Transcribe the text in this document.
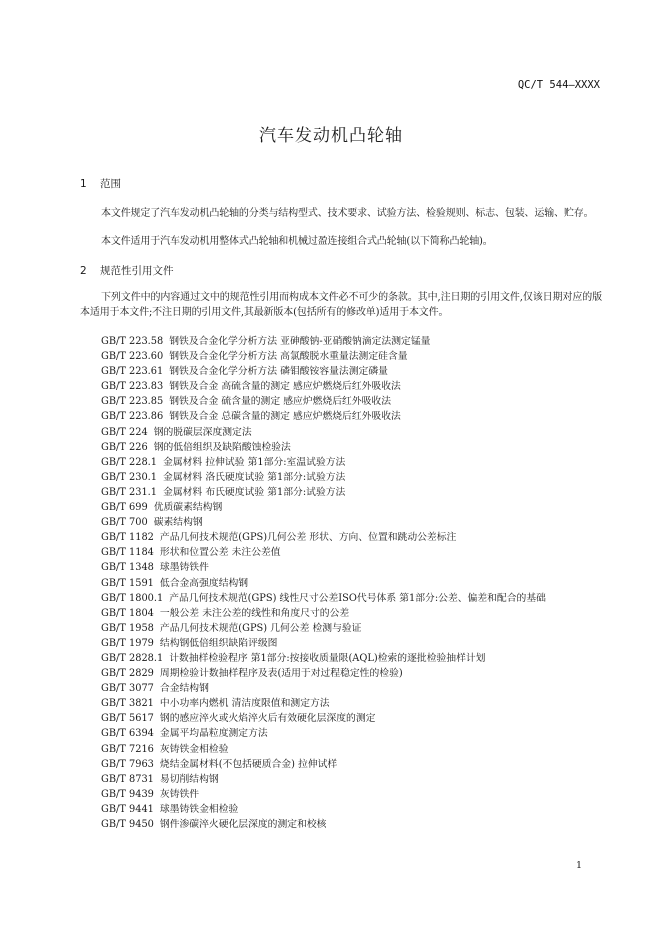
QC/T 544—XXXX
汽车发动机凸轮轴
1 范围
本文件规定了汽车发动机凸轮轴的分类与结构型式、技术要求、试验方法、检验规则、标志、包装、运输、贮存。
本文件适用于汽车发动机用整体式凸轮轴和机械过盈连接组合式凸轮轴(以下简称凸轮轴)。
2 规范性引用文件
下列文件中的内容通过文中的规范性引用而构成本文件必不可少的条款。其中,注日期的引用文件,仅该日期对应的版本适用于本文件;不注日期的引用文件,其最新版本(包括所有的修改单)适用于本文件。
GB/T 223.58 钢铁及合金化学分析方法 亚砷酸钠-亚硝酸钠滴定法测定锰量
GB/T 223.60 钢铁及合金化学分析方法 高氯酸脱水重量法测定硅含量
GB/T 223.61 钢铁及合金化学分析方法 磷钼酸铵容量法测定磷量
GB/T 223.83 钢铁及合金 高硫含量的测定 感应炉燃烧后红外吸收法
GB/T 223.85 钢铁及合金 硫含量的测定 感应炉燃烧后红外吸收法
GB/T 223.86 钢铁及合金 总碳含量的测定 感应炉燃烧后红外吸收法
GB/T 224 钢的脱碳层深度测定法
GB/T 226 钢的低倍组织及缺陷酸蚀检验法
GB/T 228.1 金属材料 拉伸试验 第1部分:室温试验方法
GB/T 230.1 金属材料 洛氏硬度试验 第1部分:试验方法
GB/T 231.1 金属材料 布氏硬度试验 第1部分:试验方法
GB/T 699 优质碳素结构钢
GB/T 700 碳素结构钢
GB/T 1182 产品几何技术规范(GPS)几何公差 形状、方向、位置和跳动公差标注
GB/T 1184 形状和位置公差 未注公差值
GB/T 1348 球墨铸铁件
GB/T 1591 低合金高强度结构钢
GB/T 1800.1 产品几何技术规范(GPS) 线性尺寸公差ISO代号体系 第1部分:公差、偏差和配合的基础
GB/T 1804 一般公差 未注公差的线性和角度尺寸的公差
GB/T 1958 产品几何技术规范(GPS) 几何公差 检测与验证
GB/T 1979 结构钢低倍组织缺陷评级图
GB/T 2828.1 计数抽样检验程序 第1部分:按接收质量限(AQL)检索的逐批检验抽样计划
GB/T 2829 周期检验计数抽样程序及表(适用于对过程稳定性的检验)
GB/T 3077 合金结构钢
GB/T 3821 中小功率内燃机 清洁度限值和测定方法
GB/T 5617 钢的感应淬火或火焰淬火后有效硬化层深度的测定
GB/T 6394 金属平均晶粒度测定方法
GB/T 7216 灰铸铁金相检验
GB/T 7963 烧结金属材料(不包括硬质合金) 拉伸试样
GB/T 8731 易切削结构钢
GB/T 9439 灰铸铁件
GB/T 9441 球墨铸铁金相检验
GB/T 9450 钢件渗碳淬火硬化层深度的测定和校核
1
